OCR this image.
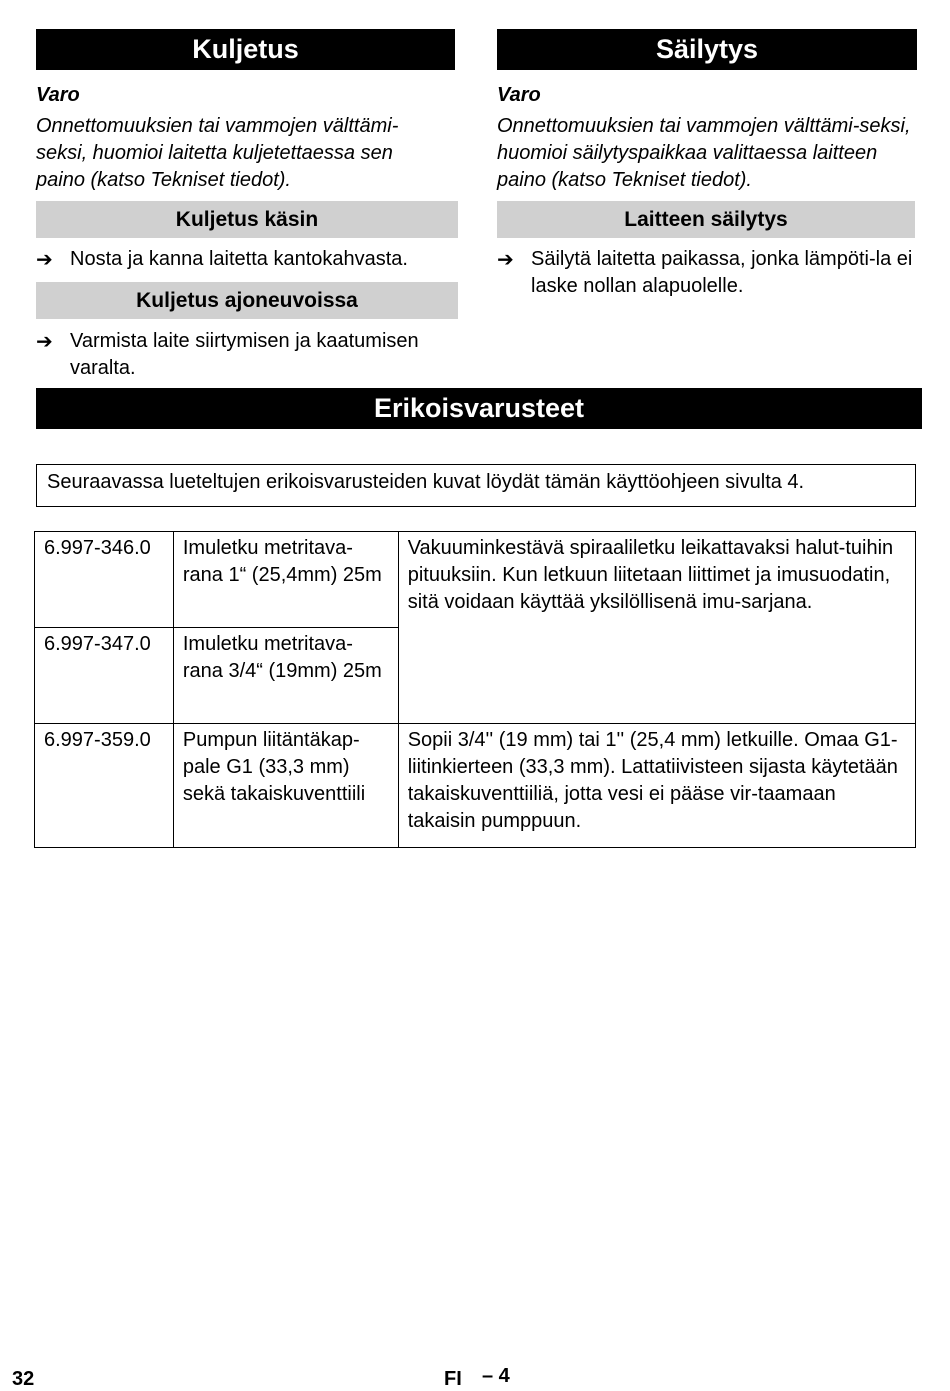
Kuljetus
Varo
Onnettomuuksien tai vammojen välttämi-seksi, huomioi laitetta kuljetettaessa sen paino (katso Tekniset tiedot).
Kuljetus käsin
➔ Nosta ja kanna laitetta kantokahvasta.
Kuljetus ajoneuvoissa
➔ Varmista laite siirtymisen ja kaatumisen varalta.
Säilytys
Varo
Onnettomuuksien tai vammojen välttämi-seksi, huomioi säilytyspaikkaa valittaessa laitteen paino (katso Tekniset tiedot).
Laitteen säilytys
➔ Säilytä laitetta paikassa, jonka lämpöti-la ei laske nollan alapuolelle.
Erikoisvarusteet
Seuraavassa lueteltujen erikoisvarusteiden kuvat löydät tämän käyttöohjeen sivulta 4.
6.997-346.0	Imuletku metritava-rana 1“ (25,4mm) 25m	Vakuuminkestävä spiraaliletku leikattavaksi halut-tuihin pituuksiin. Kun letkuun liitetaan liittimet ja imusuodatin, sitä voidaan käyttää yksilöllisenä imu-sarjana.
6.997-347.0	Imuletku metritava-rana 3/4“ (19mm) 25m	
6.997-359.0	Pumpun liitäntäkap-pale G1 (33,3 mm) sekä takaiskuventtiili	Sopii 3/4'' (19 mm) tai 1'' (25,4 mm) letkuille. Omaa G1-liitinkierteen (33,3 mm). Lattatiivisteen sijasta käytetään takaiskuventtiiliä, jotta vesi ei pääse vir-taamaan takaisin pumppuun.
32	FI – 4
